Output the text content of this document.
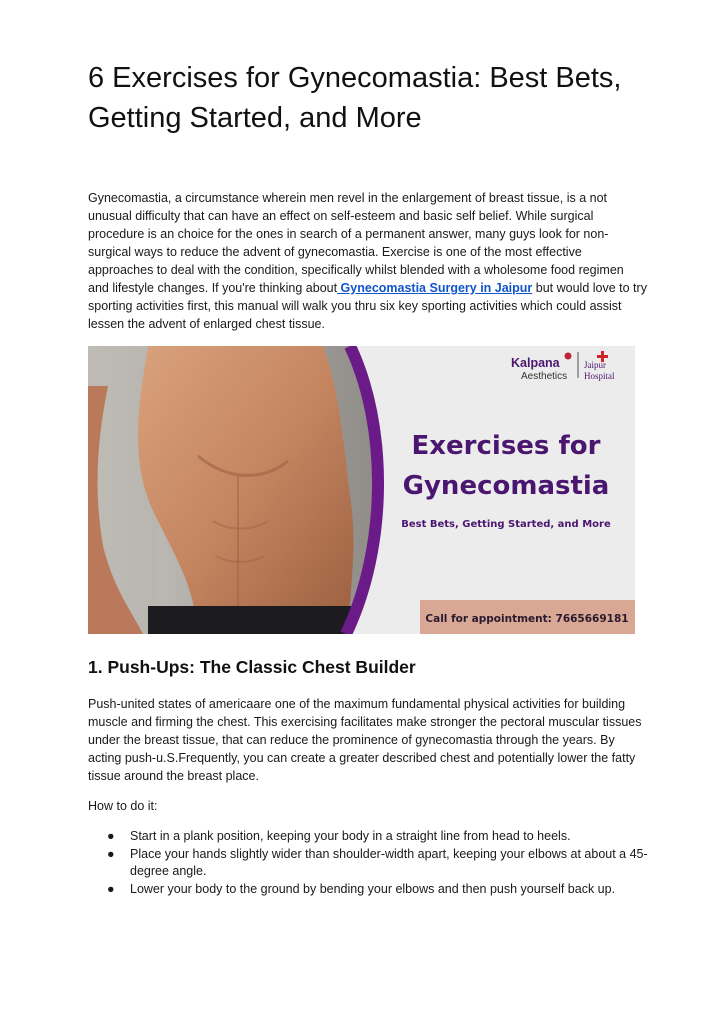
6 Exercises for Gynecomastia: Best Bets, Getting Started, and More

Gynecomastia, a circumstance wherein men revel in the enlargement of breast tissue, is a not unusual difficulty that can have an effect on self-esteem and basic self belief. While surgical procedure is an choice for the ones in search of a permanent answer, many guys look for non-surgical ways to reduce the advent of gynecomastia. Exercise is one of the most effective approaches to deal with the condition, specifically whilst blended with a wholesome food regimen and lifestyle changes. If you're thinking about Gynecomastia Surgery in Jaipur but would love to try sporting activities first, this manual will walk you thru six key sporting activities which could assist lessen the advent of enlarged chest tissue.

Kalpana
Aesthetics
Jaipur
Hospital
Exercises for
Gynecomastia
Best Bets, Getting Started, and More
Call for appointment: 7665669181
1. Push-Ups: The Classic Chest Builder

Push-united states of americaare one of the maximum fundamental physical activities for building muscle and firming the chest. This exercising facilitates make stronger the pectoral muscular tissues under the breast tissue, that can reduce the prominence of gynecomastia through the years. By acting push-u.S.Frequently, you can create a greater described chest and potentially lower the fatty tissue around the breast place.

How to do it:

● Start in a plank position, keeping your body in a straight line from head to heels.
● Place your hands slightly wider than shoulder-width apart, keeping your elbows at about a 45-degree angle.
● Lower your body to the ground by bending your elbows and then push yourself back up.
